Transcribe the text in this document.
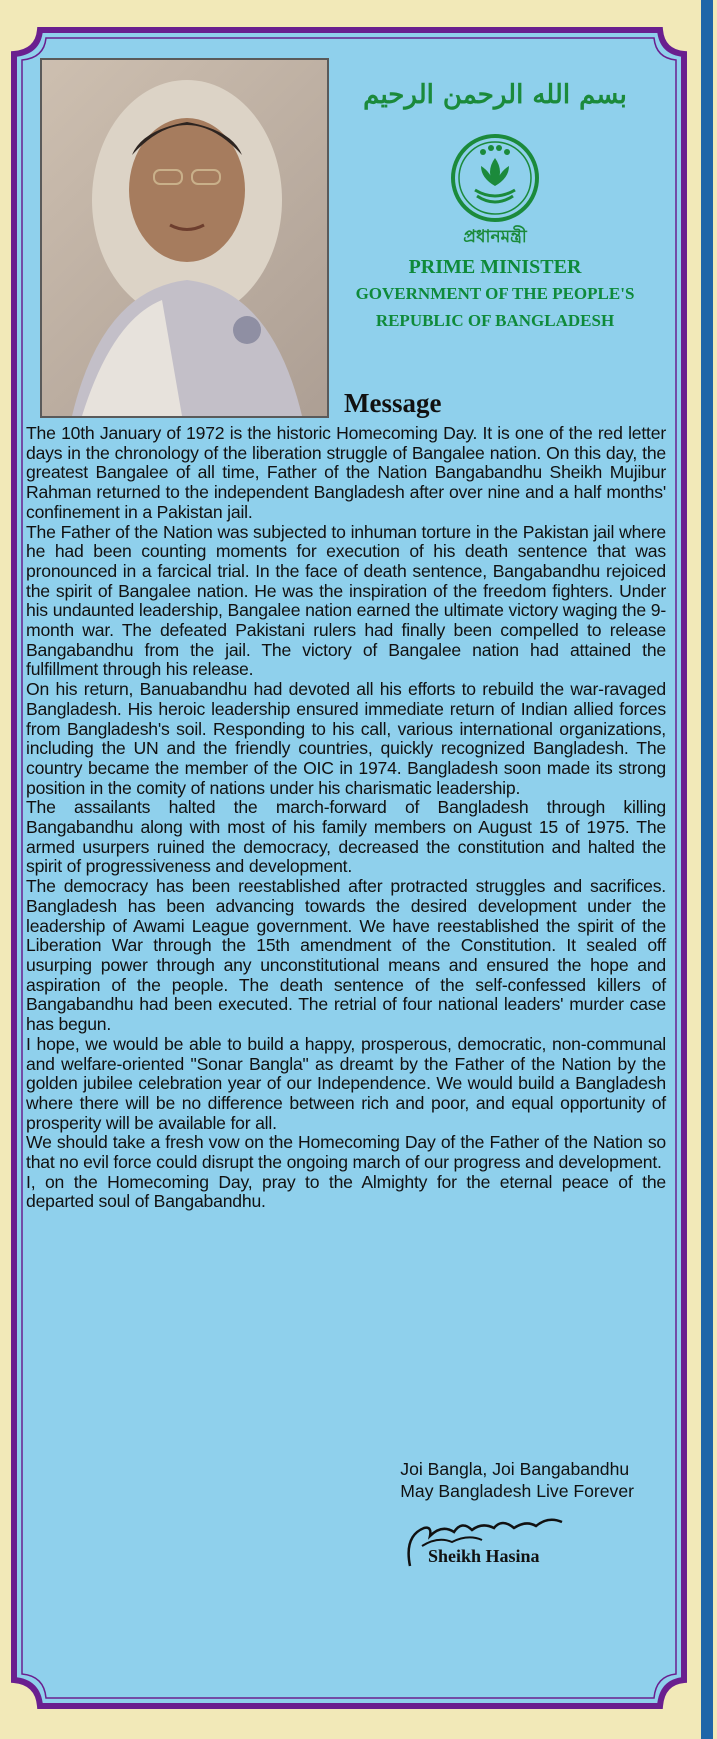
بسم الله الرحمن الرحيم
প্রধানমন্ত্রী
PRIME MINISTER
GOVERNMENT OF THE PEOPLE'S
REPUBLIC OF BANGLADESH
Message

The 10th January of 1972 is the historic Homecoming Day. It is one of the red letter days in the chronology of the liberation struggle of Bangalee nation. On this day, the greatest Bangalee of all time, Father of the Nation Bangabandhu Sheikh Mujibur Rahman returned to the independent Bangladesh after over nine and a half months' confinement in a Pakistan jail.

The Father of the Nation was subjected to inhuman torture in the Pakistan jail where he had been counting moments for execution of his death sentence that was pronounced in a farcical trial. In the face of death sentence, Bangabandhu rejoiced the spirit of Bangalee nation. He was the inspiration of the freedom fighters. Under his undaunted leadership, Bangalee nation earned the ultimate victory waging the 9-month war. The defeated Pakistani rulers had finally been compelled to release Bangabandhu from the jail. The victory of Bangalee nation had attained the fulfillment through his release.

On his return, Banuabandhu had devoted all his efforts to rebuild the war-ravaged Bangladesh. His heroic leadership ensured immediate return of Indian allied forces from Bangladesh's soil. Responding to his call, various international organizations, including the UN and the friendly countries, quickly recognized Bangladesh. The country became the member of the OIC in 1974. Bangladesh soon made its strong position in the comity of nations under his charismatic leadership.

The assailants halted the march-forward of Bangladesh through killing Bangabandhu along with most of his family members on August 15 of 1975. The armed usurpers ruined the democracy, decreased the constitution and halted the spirit of progressiveness and development.

The democracy has been reestablished after protracted struggles and sacrifices. Bangladesh has been advancing towards the desired development under the leadership of Awami League government. We have reestablished the spirit of the Liberation War through the 15th amendment of the Constitution. It sealed off usurping power through any unconstitutional means and ensured the hope and aspiration of the people. The death sentence of the self-confessed killers of Bangabandhu had been executed. The retrial of four national leaders' murder case has begun.

I hope, we would be able to build a happy, prosperous, democratic, non-communal and welfare-oriented "Sonar Bangla" as dreamt by the Father of the Nation by the golden jubilee celebration year of our Independence. We would build a Bangladesh where there will be no difference between rich and poor, and equal opportunity of prosperity will be available for all.

We should take a fresh vow on the Homecoming Day of the Father of the Nation so that no evil force could disrupt the ongoing march of our progress and development.

I, on the Homecoming Day, pray to the Almighty for the eternal peace of the departed soul of Bangabandhu.

Joi Bangla, Joi Bangabandhu
May Bangladesh Live Forever
Sheikh Hasina
